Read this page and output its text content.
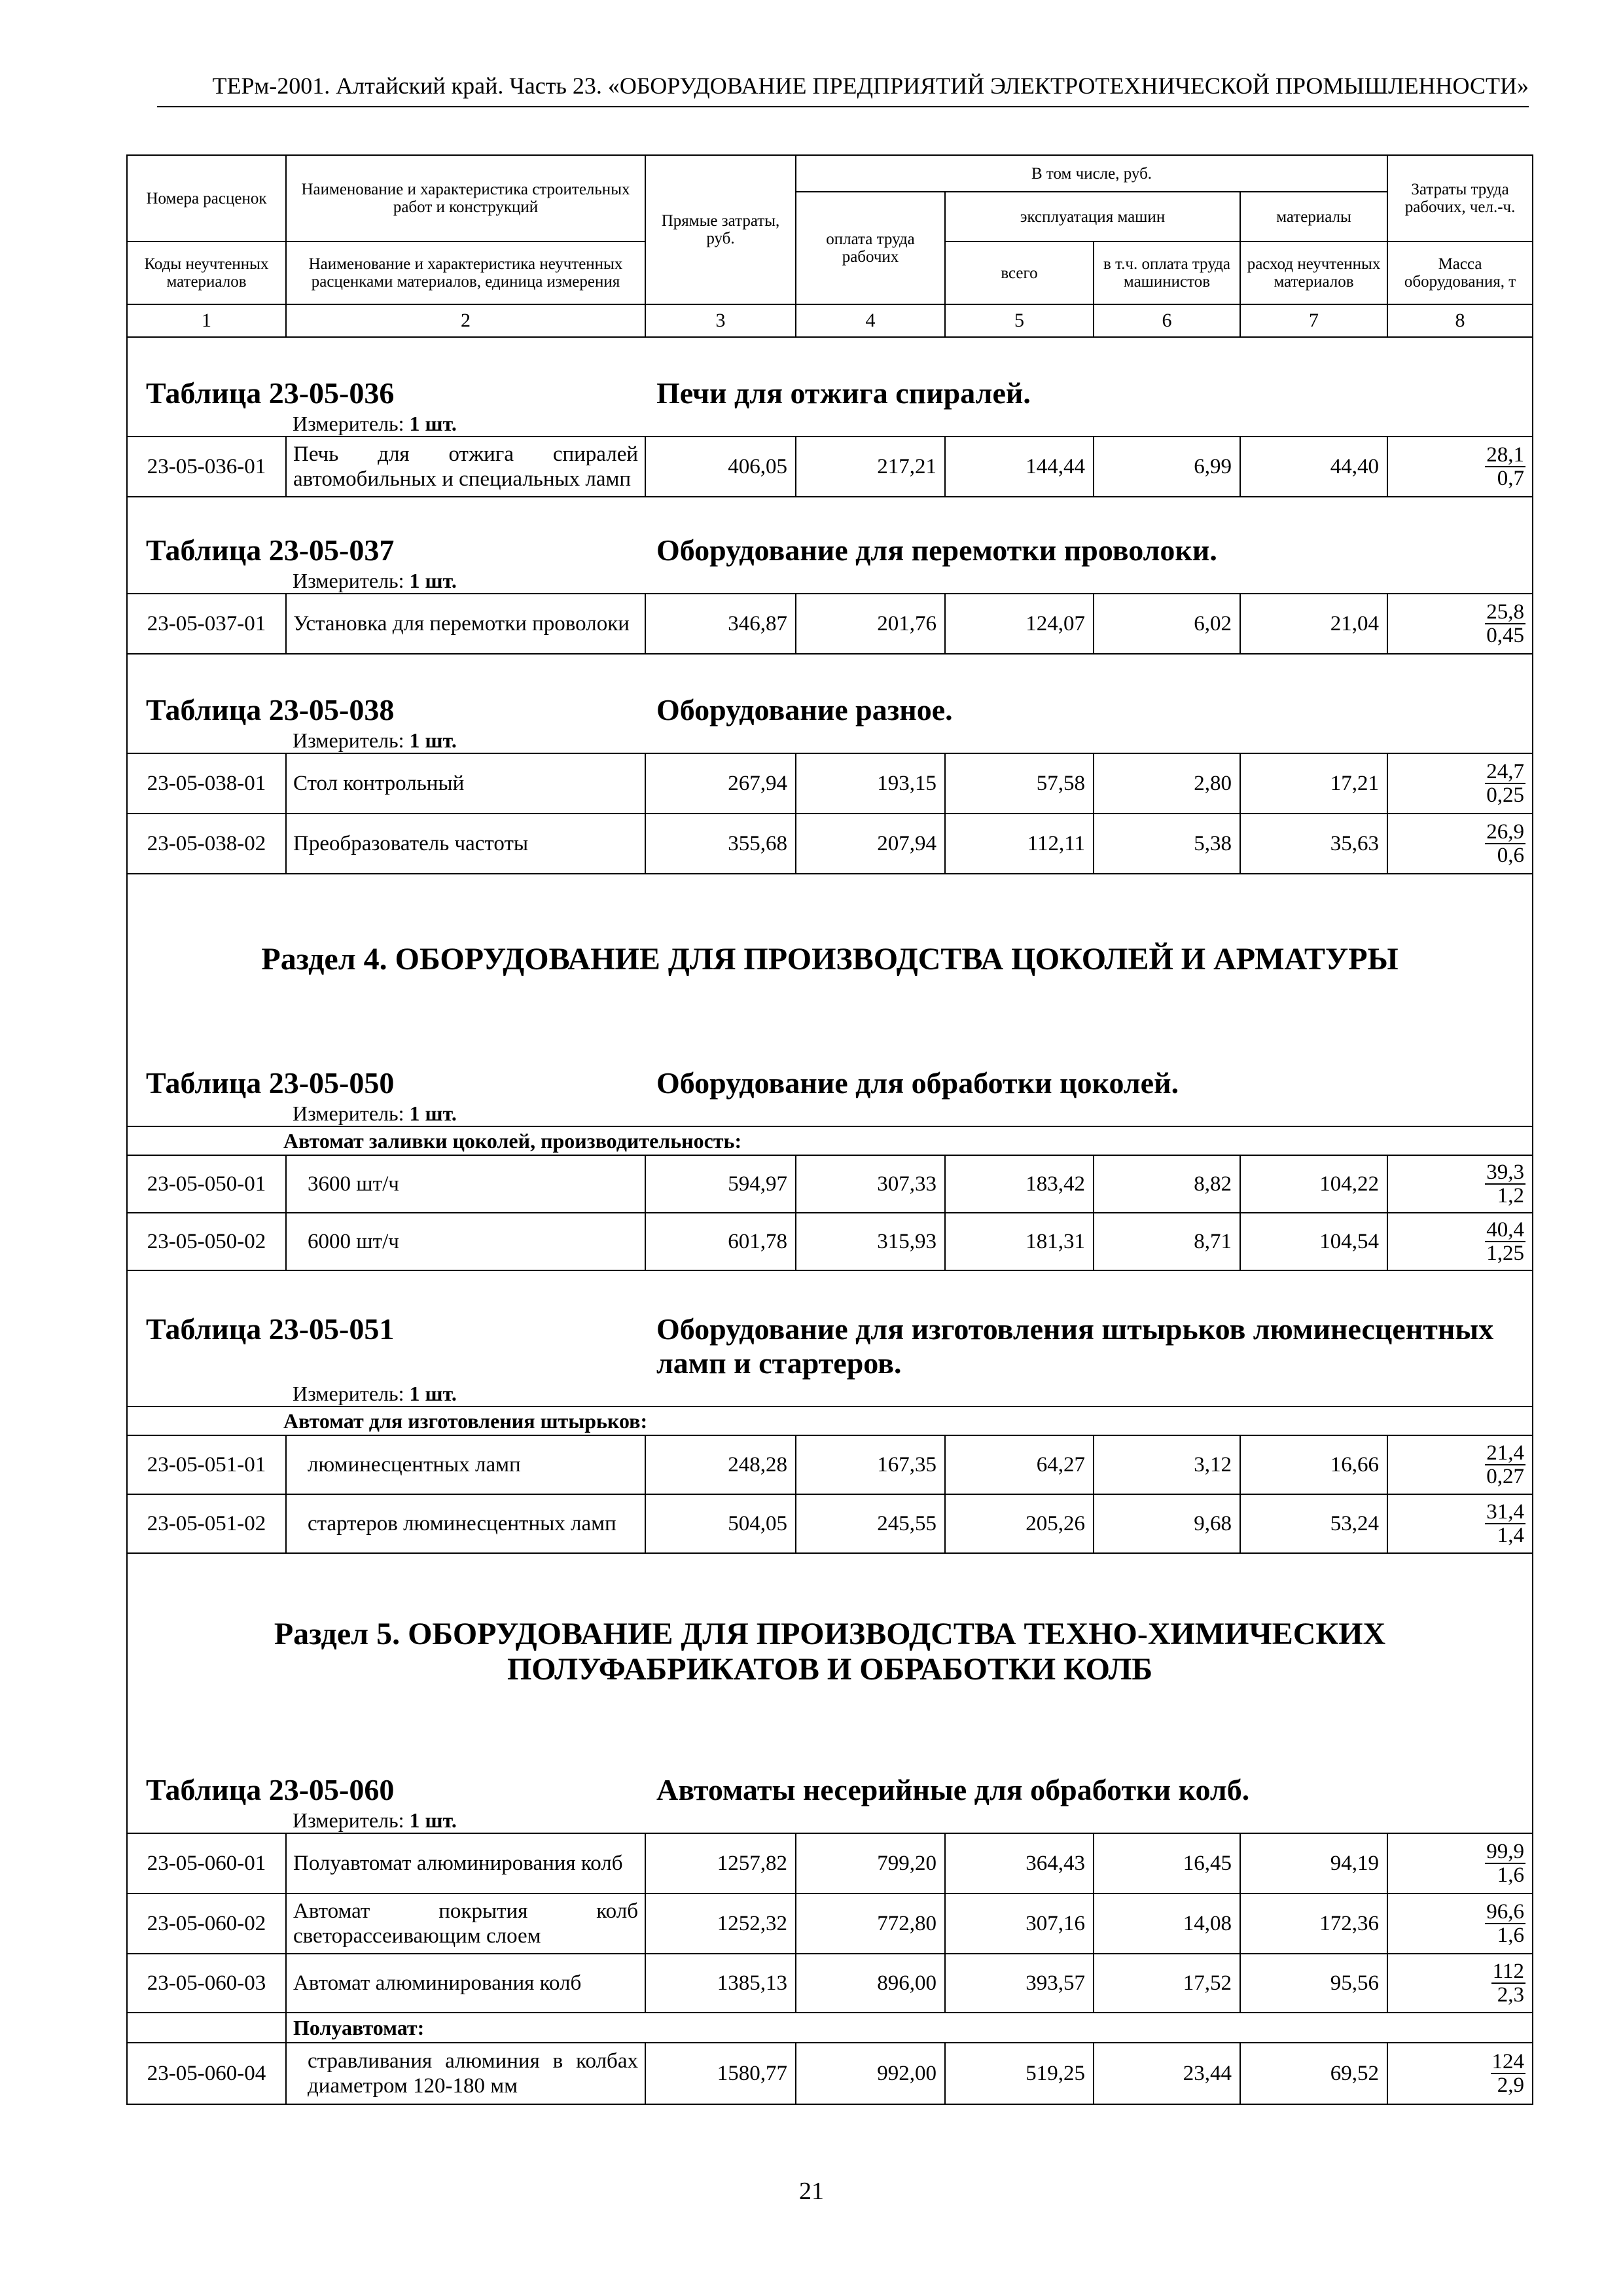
ТЕРм-2001. Алтайский край. Часть 23. «ОБОРУДОВАНИЕ ПРЕДПРИЯТИЙ ЭЛЕКТРОТЕХНИЧЕСКОЙ ПРОМЫШЛЕННОСТИ»
Номера расценок	Наименование и характеристика строительных работ и конструкций	Прямые затраты, руб.	В том числе, руб.				Затраты труда рабочих, чел.-ч.
			оплата труда рабочих	эксплуатация машин		материалы	
Коды неучтенных материалов	Наименование и характеристика неучтенных расценками материалов, единица измерения			всего	в т.ч. оплата труда машинистов	расход неучтенных материалов	Масса оборудования, т
1	2	3	4	5	6	7	8

Таблица 23-05-036 Печи для отжига спиралей.
Измеритель: 1 шт.							

23-05-036-01	Печь для отжига спиралей автомобильных и специальных ламп	406,05	217,21	144,44	6,99	44,40	$\frac{28,1}{0,7}$

Таблица 23-05-037 Оборудование для перемотки проволоки.
Измеритель: 1 шт.							

23-05-037-01	Установка для перемотки проволоки	346,87	201,76	124,07	6,02	21,04	$\frac{25,8}{0,45}$

Таблица 23-05-038 Оборудование разное.
Измеритель: 1 шт.							

23-05-038-01	Стол контрольный	267,94	193,15	57,58	2,80	17,21	$\frac{24,7}{0,25}$

23-05-038-02	Преобразователь частоты	355,68	207,94	112,11	5,38	35,63	$\frac{26,9}{0,6}$

Раздел 4. ОБОРУДОВАНИЕ ДЛЯ ПРОИЗВОДСТВА ЦОКОЛЕЙ И АРМАТУРЫ							

Таблица 23-05-050 Оборудование для обработки цоколей.
Измеритель: 1 шт.							

Автомат заливки цоколей, производительность:							
23-05-050-01	3600 шт/ч	594,97	307,33	183,42	8,82	104,22	$\frac{39,3}{1,2}$

23-05-050-02	6000 шт/ч	601,78	315,93	181,31	8,71	104,54	$\frac{40,4}{1,25}$

Таблица 23-05-051 Оборудование для изготовления штырьков люминесцентных ламп и стартеров.
Измеритель: 1 шт.							

Автомат для изготовления штырьков:							
23-05-051-01	люминесцентных ламп	248,28	167,35	64,27	3,12	16,66	$\frac{21,4}{0,27}$

23-05-051-02	стартеров люминесцентных ламп	504,05	245,55	205,26	9,68	53,24	$\frac{31,4}{1,4}$

Раздел 5. ОБОРУДОВАНИЕ ДЛЯ ПРОИЗВОДСТВА ТЕХНО-ХИМИЧЕСКИХ ПОЛУФАБРИКАТОВ И ОБРАБОТКИ КОЛБ							

Таблица 23-05-060 Автоматы несерийные для обработки колб.
Измеритель: 1 шт.							

23-05-060-01	Полуавтомат алюминирования колб	1257,82	799,20	364,43	16,45	94,19	$\frac{99,9}{1,6}$

23-05-060-02	Автомат покрытия колб светорассеивающим слоем	1252,32	772,80	307,16	14,08	172,36	$\frac{96,6}{1,6}$

23-05-060-03	Автомат алюминирования колб	1385,13	896,00	393,57	17,52	95,56	$\frac{112}{2,3}$

	Полуавтомат:						
23-05-060-04	стравливания алюминия в колбах диаметром 120-180 мм	1580,77	992,00	519,25	23,44	69,52	$\frac{124}{2,9}$
21
